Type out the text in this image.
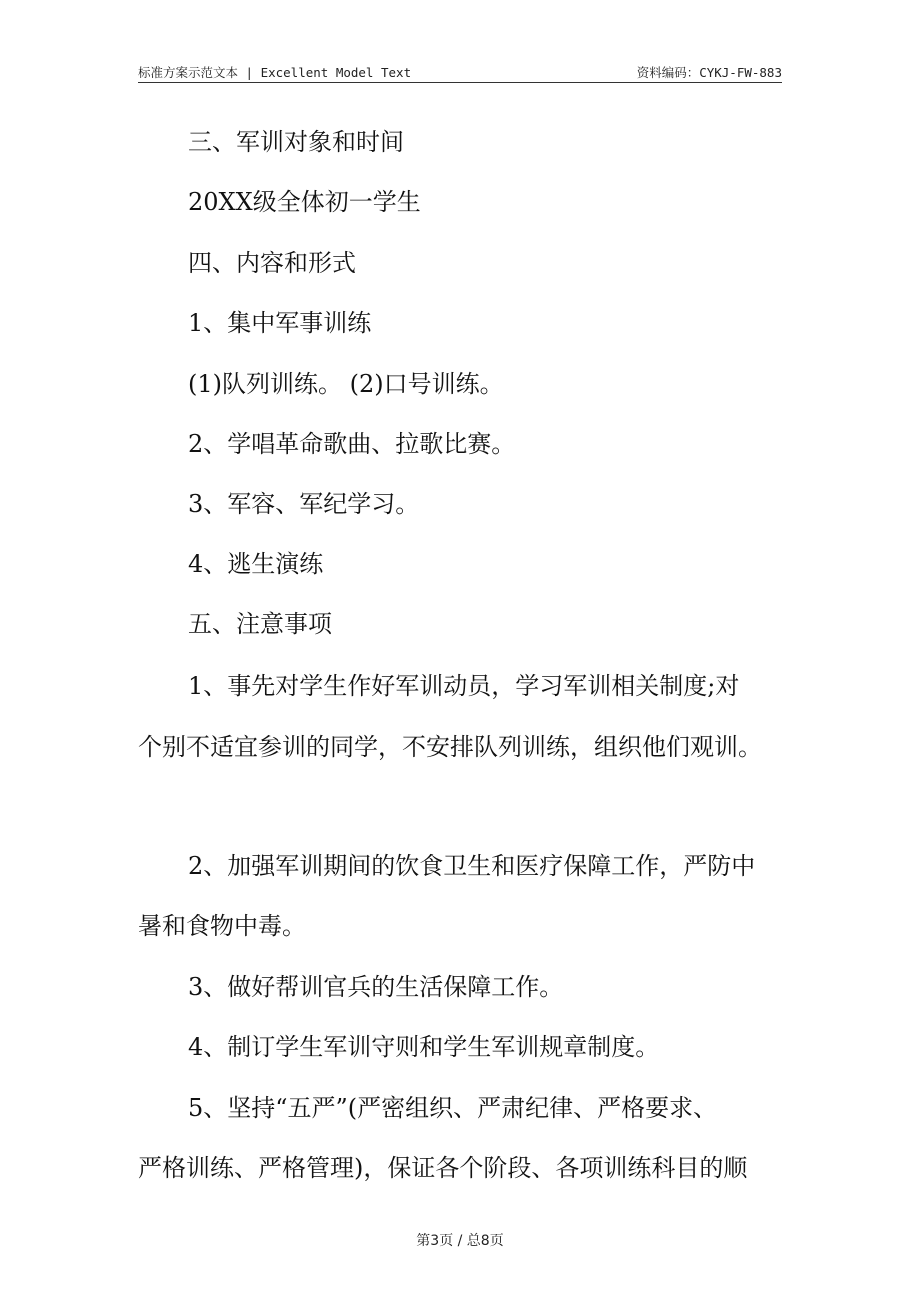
标准方案示范文本 | Excellent Model Text	资料编码：CYKJ-FW-883
三、军训对象和时间
20XX级全体初一学生
四、内容和形式
1、集中军事训练
(1)队列训练。 (2)口号训练。
2、学唱革命歌曲、拉歌比赛。
3、军容、军纪学习。
4、逃生演练
五、注意事项
1、事先对学生作好军训动员，学习军训相关制度;对
个别不适宜参训的同学，不安排队列训练，组织他们观训。
2、加强军训期间的饮食卫生和医疗保障工作，严防中
暑和食物中毒。
3、做好帮训官兵的生活保障工作。
4、制订学生军训守则和学生军训规章制度。
5、坚持“五严”(严密组织、严肃纪律、严格要求、
严格训练、严格管理)，保证各个阶段、各项训练科目的顺
第3页 / 总8页
